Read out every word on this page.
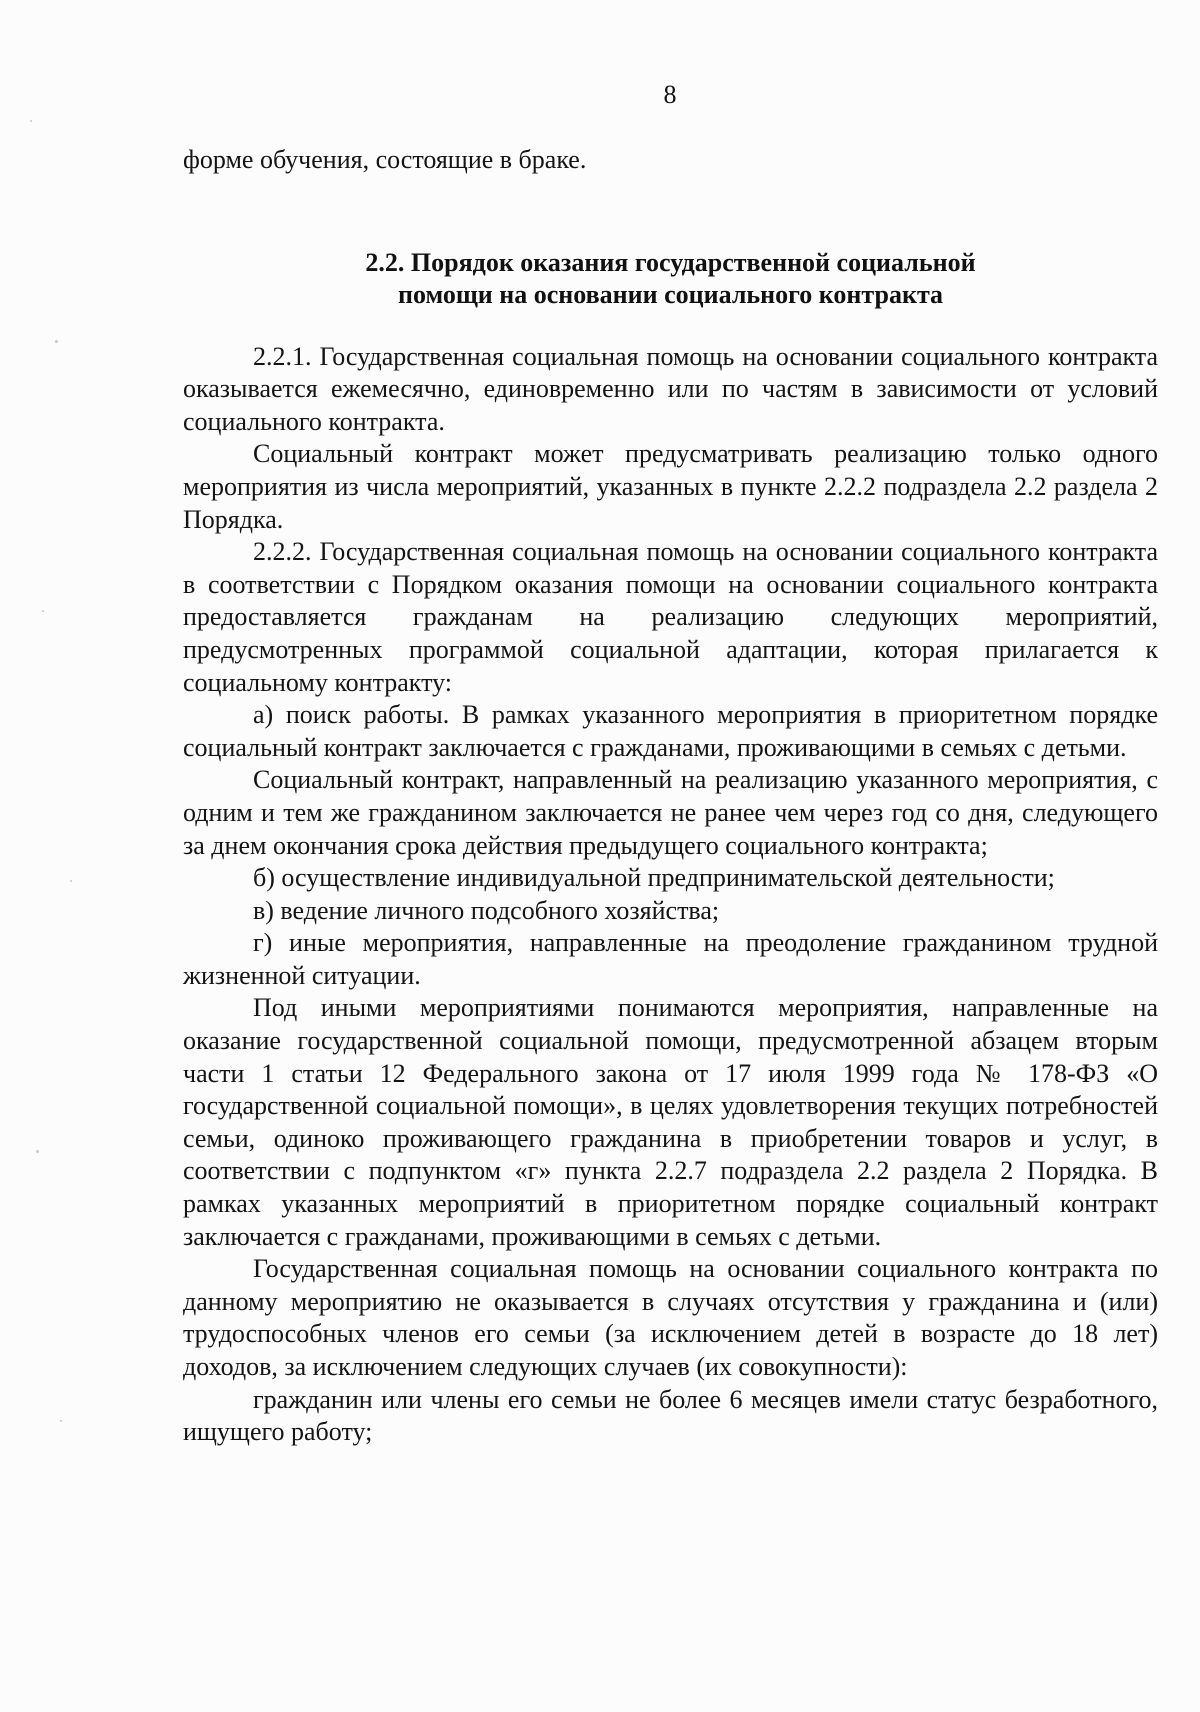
8

форме обучения, состоящие в браке.

2.2. Порядок оказания государственной социальной
помощи на основании социального контракта

2.2.1. Государственная социальная помощь на основании социального контракта оказывается ежемесячно, единовременно или по частям в зависимости от условий социального контракта.

Социальный контракт может предусматривать реализацию только одного мероприятия из числа мероприятий, указанных в пункте 2.2.2 подраздела 2.2 раздела 2 Порядка.

2.2.2. Государственная социальная помощь на основании социального контракта в соответствии с Порядком оказания помощи на основании социального контракта предоставляется гражданам на реализацию следующих мероприятий, предусмотренных программой социальной адаптации, которая прилагается к социальному контракту:

а) поиск работы. В рамках указанного мероприятия в приоритетном порядке социальный контракт заключается с гражданами, проживающими в семьях с детьми.

Социальный контракт, направленный на реализацию указанного мероприятия, с одним и тем же гражданином заключается не ранее чем через год со дня, следующего за днем окончания срока действия предыдущего социального контракта;

б) осуществление индивидуальной предпринимательской деятельности;

в) ведение личного подсобного хозяйства;

г) иные мероприятия, направленные на преодоление гражданином трудной жизненной ситуации.

Под иными мероприятиями понимаются мероприятия, направленные на оказание государственной социальной помощи, предусмотренной абзацем вторым части 1 статьи 12 Федерального закона от 17 июля 1999 года № 178-ФЗ «О государственной социальной помощи», в целях удовлетворения текущих потребностей семьи, одиноко проживающего гражданина в приобретении товаров и услуг, в соответствии с подпунктом «г» пункта 2.2.7 подраздела 2.2 раздела 2 Порядка. В рамках указанных мероприятий в приоритетном порядке социальный контракт заключается с гражданами, проживающими в семьях с детьми.

Государственная социальная помощь на основании социального контракта по данному мероприятию не оказывается в случаях отсутствия у гражданина и (или) трудоспособных членов его семьи (за исключением детей в возрасте до 18 лет) доходов, за исключением следующих случаев (их совокупности):

гражданин или члены его семьи не более 6 месяцев имели статус безработного, ищущего работу;
